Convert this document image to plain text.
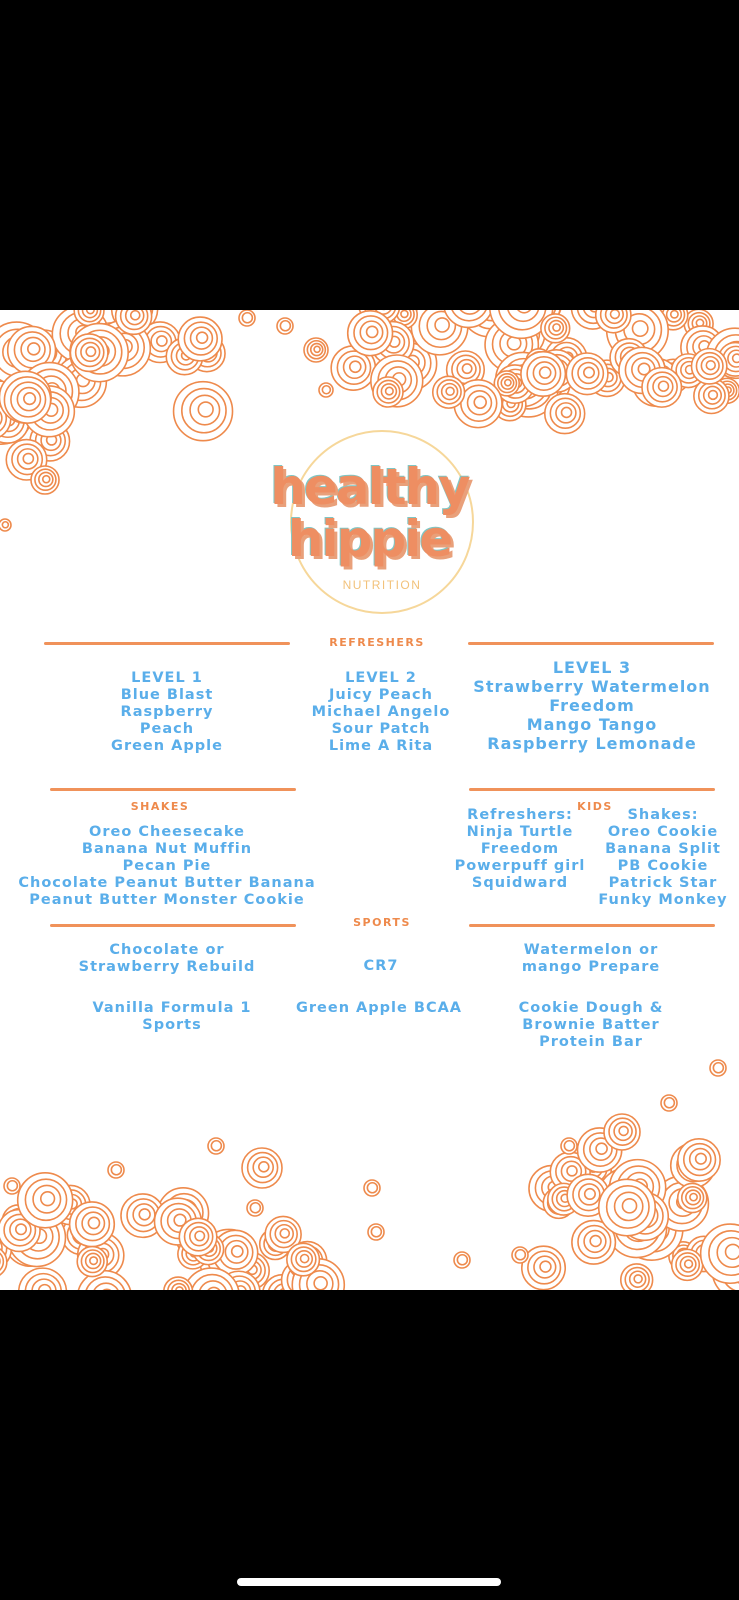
healthy
hippie
NUTRITION
REFRESHERS
LEVEL 1
Blue Blast
Raspberry
Peach
Green Apple
LEVEL 2
Juicy Peach
Michael Angelo
Sour Patch
Lime A Rita
LEVEL 3
Strawberry Watermelon
Freedom
Mango Tango
Raspberry Lemonade
SHAKES	KIDS
Oreo Cheesecake
Banana Nut Muffin
Pecan Pie
Chocolate Peanut Butter Banana
Peanut Butter Monster Cookie
Refreshers:
Ninja Turtle
Freedom
Powerpuff girl
Squidward
Shakes:
Oreo Cookie
Banana Split
PB Cookie
Patrick Star
Funky Monkey
SPORTS
Chocolate or
Strawberry Rebuild	CR7
Watermelon or
mango Prepare
Vanilla Formula 1
Sports
Green Apple BCAA	Cookie Dough &
Brownie Batter
Protein Bar
